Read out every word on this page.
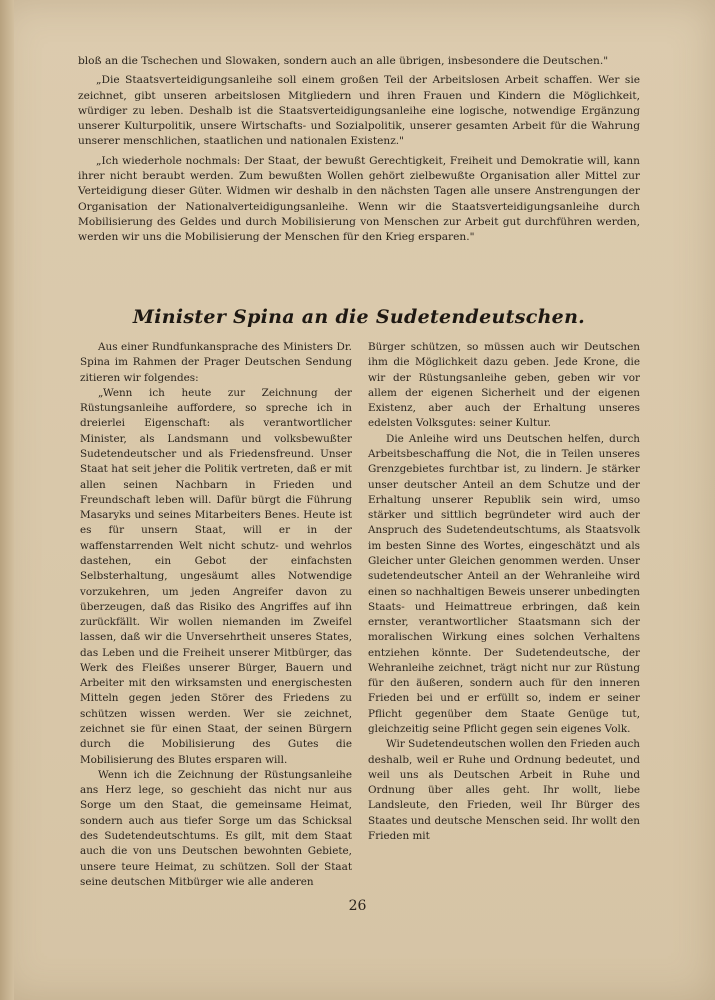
bloß an die Tschechen und Slowaken, sondern auch an alle übrigen, insbesondere die Deutschen."

„Die Staatsverteidigungsanleihe soll einem großen Teil der Arbeitslosen Arbeit schaffen. Wer sie zeichnet, gibt unseren arbeitslosen Mitgliedern und ihren Frauen und Kindern die Möglichkeit, würdiger zu leben. Deshalb ist die Staatsverteidigungsanleihe eine logische, notwendige Ergänzung unserer Kulturpolitik, unsere Wirtschafts- und Sozialpolitik, unserer gesamten Arbeit für die Wahrung unserer menschlichen, staatlichen und nationalen Existenz."

„Ich wiederhole nochmals: Der Staat, der bewußt Gerechtigkeit, Freiheit und Demokratie will, kann ihrer nicht beraubt werden. Zum bewußten Wollen gehört zielbewußte Organisation aller Mittel zur Verteidigung dieser Güter. Widmen wir deshalb in den nächsten Tagen alle unsere Anstrengungen der Organisation der Nationalverteidigungsanleihe. Wenn wir die Staatsverteidigungsanleihe durch Mobilisierung des Geldes und durch Mobilisierung von Menschen zur Arbeit gut durchführen werden, werden wir uns die Mobilisierung der Menschen für den Krieg ersparen."

Minister Spina an die Sudetendeutschen.

Aus einer Rundfunkansprache des Ministers Dr. Spina im Rahmen der Prager Deutschen Sendung zitieren wir folgendes:

„Wenn ich heute zur Zeichnung der Rüstungsanleihe auffordere, so spreche ich in dreierlei Eigenschaft: als verantwortlicher Minister, als Landsmann und volksbewußter Sudetendeutscher und als Friedensfreund. Unser Staat hat seit jeher die Politik vertreten, daß er mit allen seinen Nachbarn in Frieden und Freundschaft leben will. Dafür bürgt die Führung Masaryks und seines Mitarbeiters Benes. Heute ist es für unsern Staat, will er in der waffenstarrenden Welt nicht schutz- und wehrlos dastehen, ein Gebot der einfachsten Selbsterhaltung, ungesäumt alles Notwendige vorzukehren, um jeden Angreifer davon zu überzeugen, daß das Risiko des Angriffes auf ihn zurückfällt. Wir wollen niemanden im Zweifel lassen, daß wir die Unversehrtheit unseres States, das Leben und die Freiheit unserer Mitbürger, das Werk des Fleißes unserer Bürger, Bauern und Arbeiter mit den wirksamsten und energischesten Mitteln gegen jeden Störer des Friedens zu schützen wissen werden. Wer sie zeichnet, zeichnet sie für einen Staat, der seinen Bürgern durch die Mobilisierung des Gutes die Mobilisierung des Blutes ersparen will.

Wenn ich die Zeichnung der Rüstungsanleihe ans Herz lege, so geschieht das nicht nur aus Sorge um den Staat, die gemeinsame Heimat, sondern auch aus tiefer Sorge um das Schicksal des Sudetendeutschtums. Es gilt, mit dem Staat auch die von uns Deutschen bewohnten Gebiete, unsere teure Heimat, zu schützen. Soll der Staat seine deutschen Mitbürger wie alle anderen

Bürger schützen, so müssen auch wir Deutschen ihm die Möglichkeit dazu geben. Jede Krone, die wir der Rüstungsanleihe geben, geben wir vor allem der eigenen Sicherheit und der eigenen Existenz, aber auch der Erhaltung unseres edelsten Volksgutes: seiner Kultur.

Die Anleihe wird uns Deutschen helfen, durch Arbeitsbeschaffung die Not, die in Teilen unseres Grenzgebietes furchtbar ist, zu lindern. Je stärker unser deutscher Anteil an dem Schutze und der Erhaltung unserer Republik sein wird, umso stärker und sittlich begründeter wird auch der Anspruch des Sudetendeutschtums, als Staatsvolk im besten Sinne des Wortes, eingeschätzt und als Gleicher unter Gleichen genommen werden. Unser sudetendeutscher Anteil an der Wehranleihe wird einen so nachhaltigen Beweis unserer unbedingten Staats- und Heimattreue erbringen, daß kein ernster, verantwortlicher Staatsmann sich der moralischen Wirkung eines solchen Verhaltens entziehen könnte. Der Sudetendeutsche, der Wehranleihe zeichnet, trägt nicht nur zur Rüstung für den äußeren, sondern auch für den inneren Frieden bei und er erfüllt so, indem er seiner Pflicht gegenüber dem Staate Genüge tut, gleichzeitig seine Pflicht gegen sein eigenes Volk.

Wir Sudetendeutschen wollen den Frieden auch deshalb, weil er Ruhe und Ordnung bedeutet, und weil uns als Deutschen Arbeit in Ruhe und Ordnung über alles geht. Ihr wollt, liebe Landsleute, den Frieden, weil Ihr Bürger des Staates und deutsche Menschen seid. Ihr wollt den Frieden mit

26
